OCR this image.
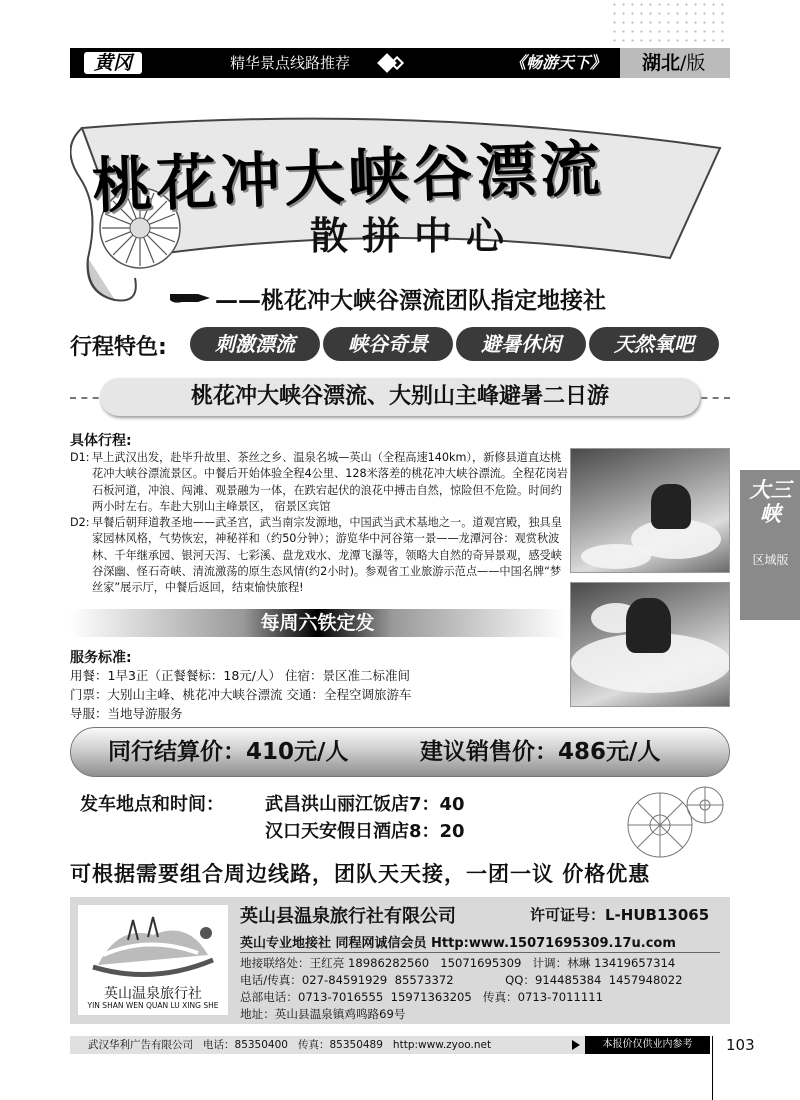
黄冈	精华景点线路推荐	《畅游天下》	湖北/版
桃花冲大峡谷漂流
散拼中心
——桃花冲大峡谷漂流团队指定地接社
行程特色:	刺激漂流	峡谷奇景	避暑休闲	天然氧吧
桃花冲大峡谷漂流、大别山主峰避暑二日游
具体行程:
D1: 早上武汉出发，赴毕升故里、茶丝之乡、温泉名城—英山（全程高速140km），新修县道直达桃花冲大峡谷漂流景区。中餐后开始体验全程4公里、128米落差的桃花冲大峡谷漂流。全程花岗岩石板河道，冲浪、闯滩、观景融为一体，在跌宕起伏的浪花中搏击自然，惊险但不危险。时间约两小时左右。车赴大别山主峰景区， 宿景区宾馆
D2: 早餐后朝拜道教圣地——武圣宫，武当南宗发源地，中国武当武术基地之一。道观宫殿，独具皇家园林风格，气势恢宏，神秘祥和（约50分钟）；游览华中河谷第一景——龙潭河谷：观赏秋波林、千年继承园、银河天泻、七彩溪、盘龙戏水、龙潭飞瀑等，领略大自然的奇异景观，感受峡谷深幽、怪石奇峡、清流激荡的原生态风情(约2小时)。参观省工业旅游示范点——中国名牌“梦丝家”展示厅，中餐后返回，结束愉快旅程!
每周六铁定发
服务标准:
用餐：1早3正（正餐餐标：18元/人） 住宿：景区准二标准间
门票：大别山主峰、桃花冲大峡谷漂流 交通：全程空调旅游车
导服：当地导游服务
同行结算价：410元/人	建议销售价：486元/人
发车地点和时间： 武昌洪山丽江饭店7：40
汉口天安假日酒店8：20
可根据需要组合周边线路，团队天天接，一团一议 价格优惠
英山温泉旅行社
YIN SHAN WEN QUAN LU XING SHE
英山县温泉旅行社有限公司	许可证号：L-HUB13065
英山专业地接社 同程网诚信会员 Http:www.15071695309.17u.com
地接联络处：王红亮 18986282560   15071695309   计调：林琳 13419657314
电话/传真：027-84591929  85573372              QQ：914485384  1457948022
总部电话：0713-7016555  15971363205   传真：0713-7011111
地址：英山县温泉镇鸡鸣路69号
大三峡
区域版
武汉华利广告有限公司   电话：85350400   传真：85350489   http:www.zyoo.net	本报价仅供业内参考	103
